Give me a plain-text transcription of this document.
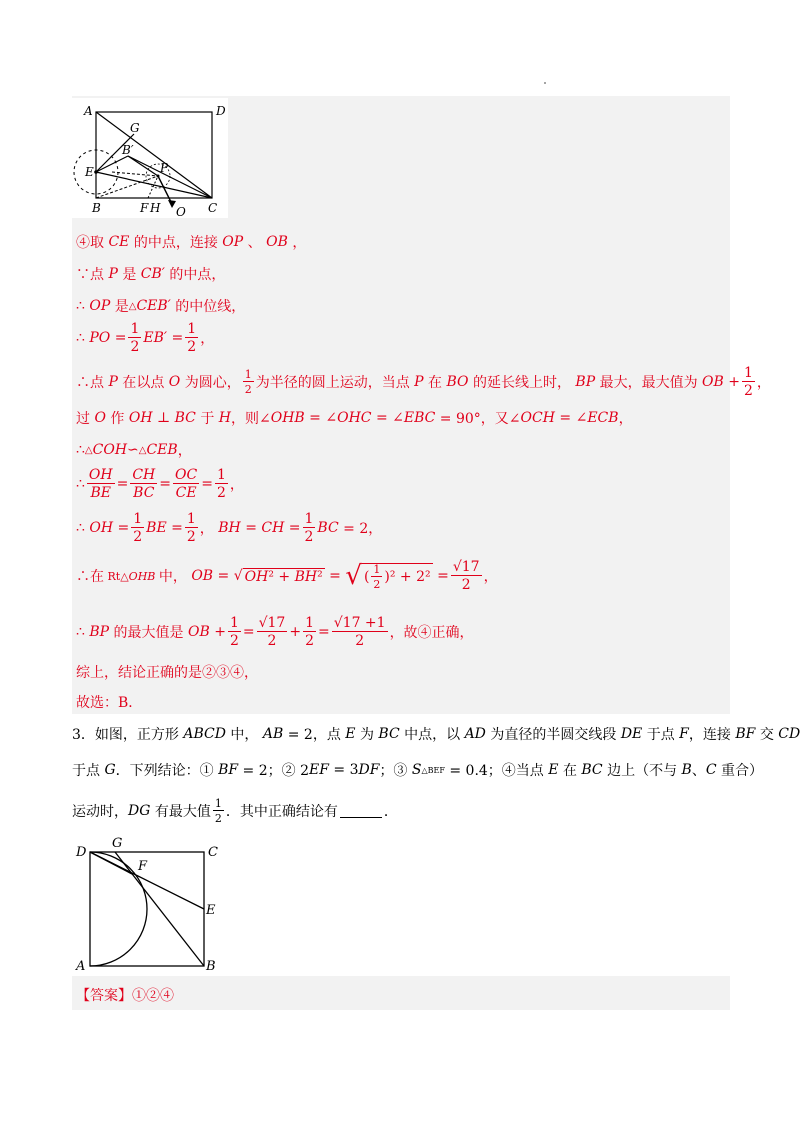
A	D
G
B′
E	P
B	F H O C
④取 CE 的中点，连接 OP 、 OB ，
∵点 P 是 CB′ 的中点，
∴ OP 是 △ CEB′ 的中位线，
∴ PO = $\frac{1}{2} EB' = \frac{1}{2}$ ，
∴点 P 在以点 O 为圆心， $\frac{1}{2}$ 为半径的圆上运动，当点 P 在 BO 的延长线上时， BP 最大，最大值为 OB + $\frac{1}{2}$ ，
过 O 作 OH ⊥ BC 于 H ，则∠ OHB = ∠ OHC = ∠ EBC = 90°，又∠ OCH = ∠ ECB ，
∴ △ COH ∽ △ CEB ，
∴ $\frac{OH}{BE} = \frac{CH}{BC} = \frac{OC}{CE} = \frac{1}{2}$ ，
∴ OH = $\frac{1}{2}$ BE = $\frac{1}{2}$ ， BH = CH = $\frac{1}{2}$ BC = 2，
∴在 Rt△OHB 中， OB = √ OH² + BH² = √ ( $\frac{1}{2} )^2 + 2^2 = \frac{√17}{2}$ ，
∴ BP 的最大值是 OB + $\frac{1}{2} = \frac{√17}{2} + \frac{1}{2} = \frac{√17 +1}{2}$ ，故④正确，
综上，结论正确的是②③④，
故选：B．
3．如图，正方形 ABCD 中， AB = 2，点 E 为 BC 中点，以 AD 为直径的半圆交线段 DE 于点 F ，连接 BF 交 CD
于点 G ．下列结论：① BF = 2；② 2 EF = 3 DF ；③ S △BEF = 0.4；④当点 E 在 BC 边上（不与 B 、 C 重合）
运动时， DG 有最大值 $\frac{1}{2}$ ．其中正确结论有	．
D
G
C
F
E
A	B
【答案】①②④
